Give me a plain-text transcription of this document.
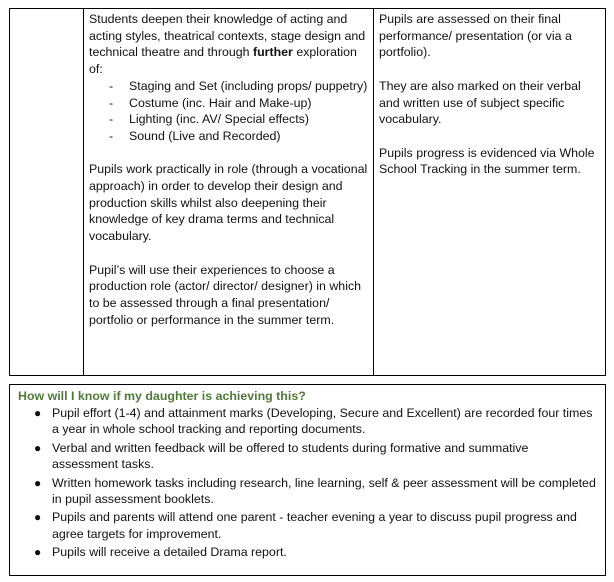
Students deepen their knowledge of acting and acting styles, theatrical contexts, stage design and technical theatre and through further exploration of:

- Staging and Set (including props/ puppetry)
- Costume (inc. Hair and Make-up)
- Lighting (inc. AV/ Special effects)
- Sound (Live and Recorded)

Pupils work practically in role (through a vocational approach) in order to develop their design and production skills whilst also deepening their knowledge of key drama terms and technical vocabulary.

Pupil’s will use their experiences to choose a production role (actor/ director/ designer) in which to be assessed through a final presentation/ portfolio or performance in the summer term.

Pupils are assessed on their final performance/ presentation (or via a portfolio).

They are also marked on their verbal and written use of subject specific vocabulary.

Pupils progress is evidenced via Whole School Tracking in the summer term.

How will I know if my daughter is achieving this?

● Pupil effort (1-4) and attainment marks (Developing, Secure and Excellent) are recorded four times a year in whole school tracking and reporting documents.
● Verbal and written feedback will be offered to students during formative and summative assessment tasks.
● Written homework tasks including research, line learning, self & peer assessment will be completed in pupil assessment booklets.
● Pupils and parents will attend one parent - teacher evening a year to discuss pupil progress and agree targets for improvement.
● Pupils will receive a detailed Drama report.
